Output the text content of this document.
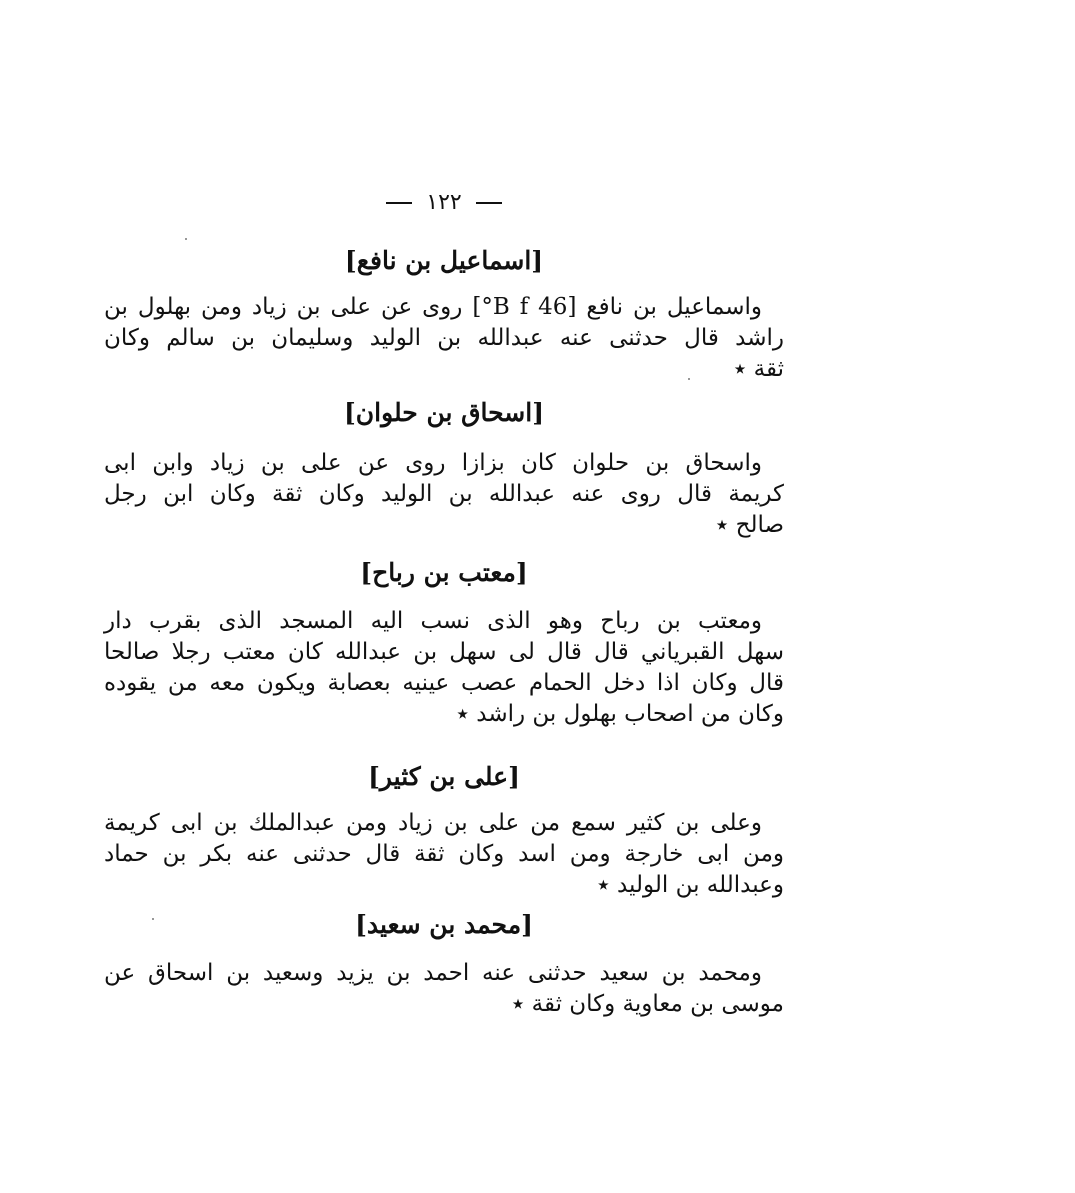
١٢٢
[اسماعيل بن نافع]
واسماعيل بن نافع [46 B f°] روى عن على بن زياد ومن بهلول بن
راشد قال حدثنى عنه عبدالله بن الوليد وسليمان بن سالم وكان
ثقة ٭
[اسحاق بن حلوان]
واسحاق بن حلوان كان بزازا روى عن على بن زياد وابن ابى
كريمة قال روى عنه عبدالله بن الوليد وكان ثقة وكان ابن رجل
صالح ٭
[معتب بن رباح]
ومعتب بن رباح وهو الذى نسب اليه المسجد الذى بقرب دار
سهل القبرياني قال قال لى سهل بن عبدالله كان معتب رجلا صالحا
قال وكان اذا دخل الحمام عصب عينيه بعصابة ويكون معه من يقوده
وكان من اصحاب بهلول بن راشد ٭
[على بن كثير]
وعلى بن كثير سمع من على بن زياد ومن عبدالملك بن ابى كريمة
ومن ابى خارجة ومن اسد وكان ثقة قال حدثنى عنه بكر بن حماد
وعبدالله بن الوليد ٭
[محمد بن سعيد]
ومحمد بن سعيد حدثنى عنه احمد بن يزيد وسعيد بن اسحاق عن
موسى بن معاوية وكان ثقة ٭
